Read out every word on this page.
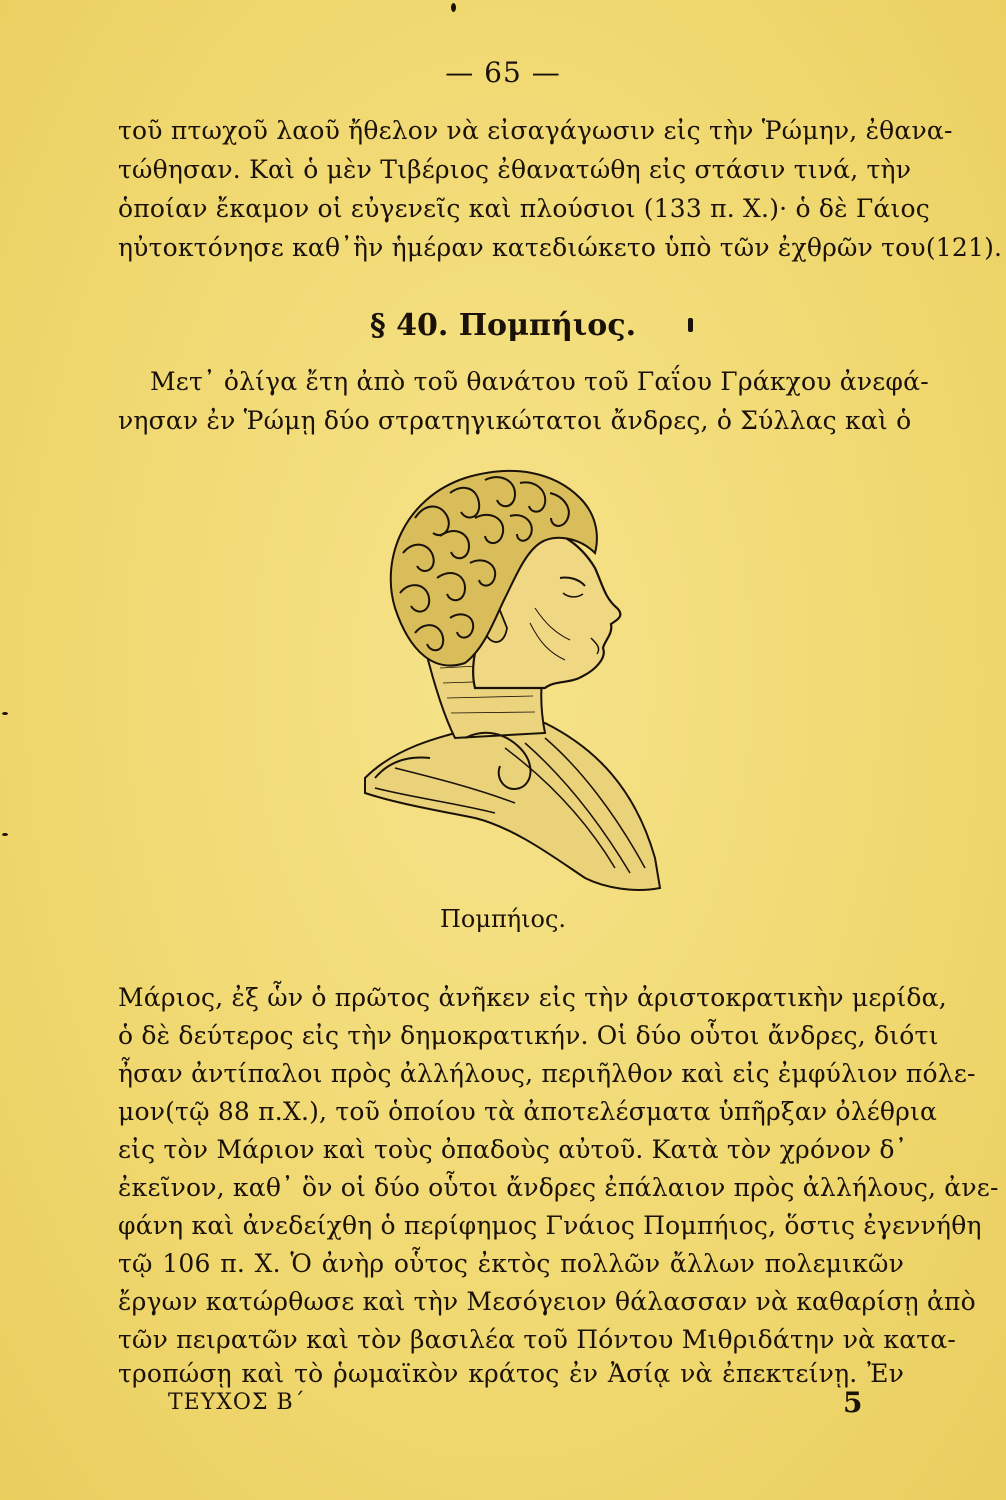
— 65 —
τοῦ πτωχοῦ λαοῦ ἤθελον νὰ εἰσαγάγωσιν εἰς τὴν Ῥώμην, ἐθανα-
τώθησαν. Καὶ ὁ μὲν Τιβέριος ἐθανατώθη εἰς στάσιν τινά, τὴν
ὁποίαν ἔκαμον οἱ εὐγενεῖς καὶ πλούσιοι (133 π. Χ.)· ὁ δὲ Γάιος
ηὐτοκτόνησε καθ᾽ἣν ἡμέραν κατεδιώκετο ὑπὸ τῶν ἐχθρῶν του(121).
§ 40. Πομπήιος.
Μετ᾽ ὀλίγα ἔτη ἀπὸ τοῦ θανάτου τοῦ Γαΐου Γράκχου ἀνεφά-
νησαν ἐν Ῥώμῃ δύο στρατηγικώτατοι ἄνδρες, ὁ Σύλλας καὶ ὁ
Πομπήιος.
Μάριος, ἐξ ὧν ὁ πρῶτος ἀνῆκεν εἰς τὴν ἀριστοκρατικὴν μερίδα,
ὁ δὲ δεύτερος εἰς τὴν δημοκρατικήν. Οἱ δύο οὗτοι ἄνδρες, διότι
ἦσαν ἀντίπαλοι πρὸς ἀλλήλους, περιῆλθον καὶ εἰς ἐμφύλιον πόλε-
μον(τῷ 88 π.Χ.), τοῦ ὁποίου τὰ ἀποτελέσματα ὑπῆρξαν ὀλέθρια
εἰς τὸν Μάριον καὶ τοὺς ὀπαδοὺς αὐτοῦ. Κατὰ τὸν χρόνον δ᾽
ἐκεῖνον, καθ᾽ ὃν οἱ δύο οὗτοι ἄνδρες ἐπάλαιον πρὸς ἀλλήλους, ἀνε-
φάνη καὶ ἀνεδείχθη ὁ περίφημος Γνάιος Πομπήιος, ὅστις ἐγεννήθη
τῷ 106 π. Χ. Ὁ ἀνὴρ οὗτος ἐκτὸς πολλῶν ἄλλων πολεμικῶν
ἔργων κατώρθωσε καὶ τὴν Μεσόγειον θάλασσαν νὰ καθαρίσῃ ἀπὸ
τῶν πειρατῶν καὶ τὸν βασιλέα τοῦ Πόντου Μιθριδάτην νὰ κατα-
τροπώσῃ καὶ τὸ ῥωμαϊκὸν κράτος ἐν Ἀσίᾳ νὰ ἐπεκτείνῃ. Ἐν
ΤΕΥΧΟΣ Β΄	5
